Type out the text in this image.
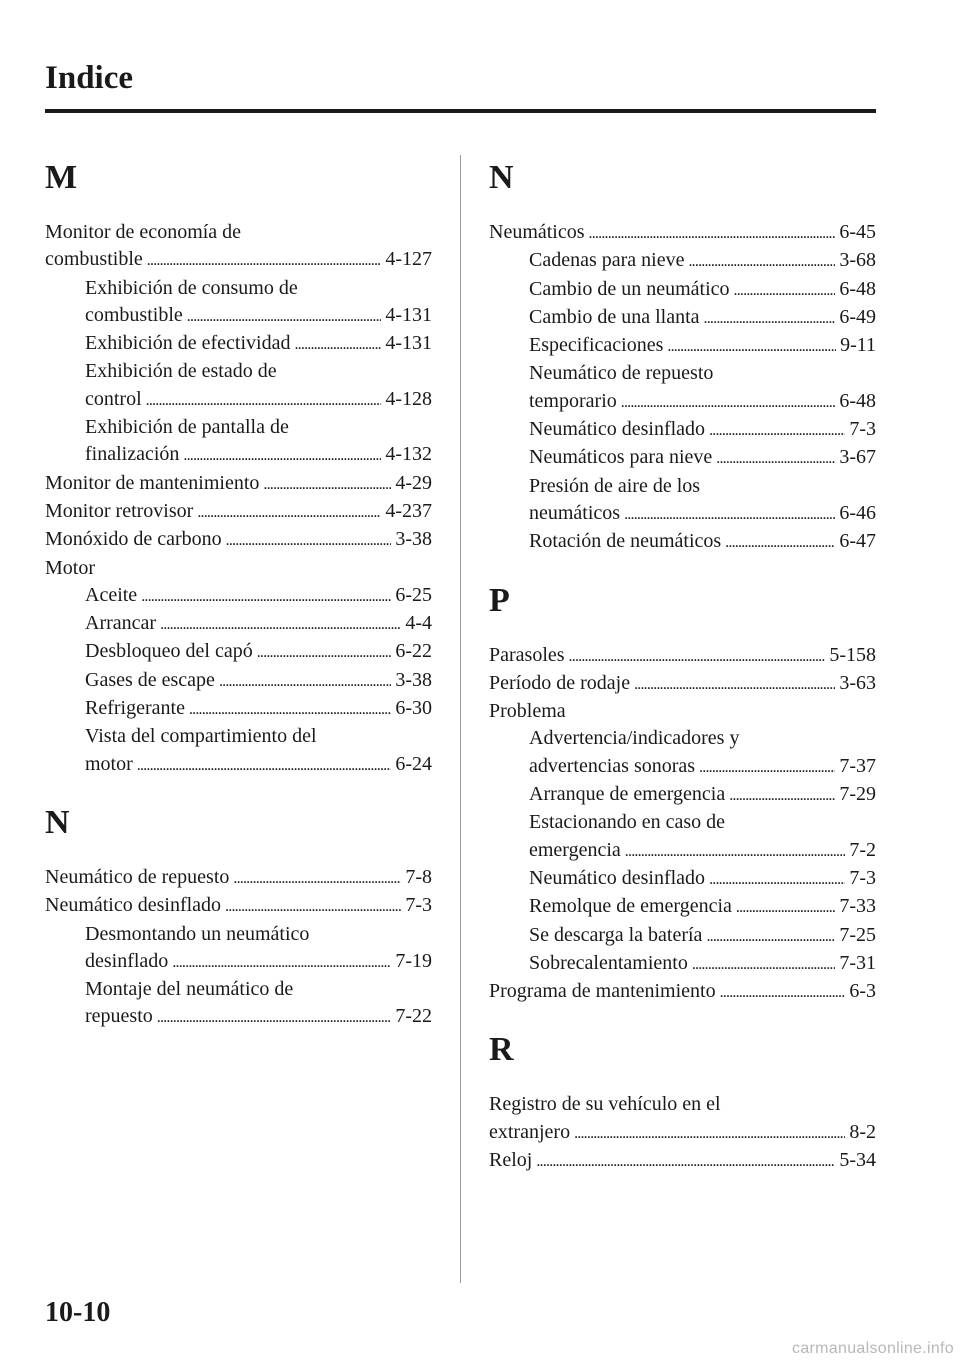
Indice
M
Monitor de economía de
combustible . . .	4-127
Exhibición de consumo de
combustible . . .	4-131
Exhibición de efectividad . . .	4-131
Exhibición de estado de
control . . .	4-128
Exhibición de pantalla de
finalización . . .	4-132
Monitor de mantenimiento . . .	4-29
Monitor retrovisor . . .	4-237
Monóxido de carbono . . .	3-38
Motor
Aceite . . .	6-25
Arrancar . . .	4-4
Desbloqueo del capó . . .	6-22
Gases de escape . . .	3-38
Refrigerante . . .	6-30
Vista del compartimiento del
motor . . .	6-24
N
Neumático de repuesto . . .	7-8
Neumático desinflado . . .	7-3
Desmontando un neumático
desinflado . . .	7-19
Montaje del neumático de
repuesto . . .	7-22
N
Neumáticos . . .	6-45
Cadenas para nieve . . .	3-68
Cambio de un neumático . . .	6-48
Cambio de una llanta . . .	6-49
Especificaciones . . .	9-11
Neumático de repuesto
temporario . . .	6-48
Neumático desinflado . . .	7-3
Neumáticos para nieve . . .	3-67
Presión de aire de los
neumáticos . . .	6-46
Rotación de neumáticos . . .	6-47
P
Parasoles . . .	5-158
Período de rodaje . . .	3-63
Problema
Advertencia/indicadores y
advertencias sonoras . . .	7-37
Arranque de emergencia . . .	7-29
Estacionando en caso de
emergencia . . .	7-2
Neumático desinflado . . .	7-3
Remolque de emergencia . . .	7-33
Se descarga la batería . . .	7-25
Sobrecalentamiento . . .	7-31
Programa de mantenimiento . . .	6-3
R
Registro de su vehículo en el
extranjero . . .	8-2
Reloj . . .	5-34
10-10
carmanualsonline.info
